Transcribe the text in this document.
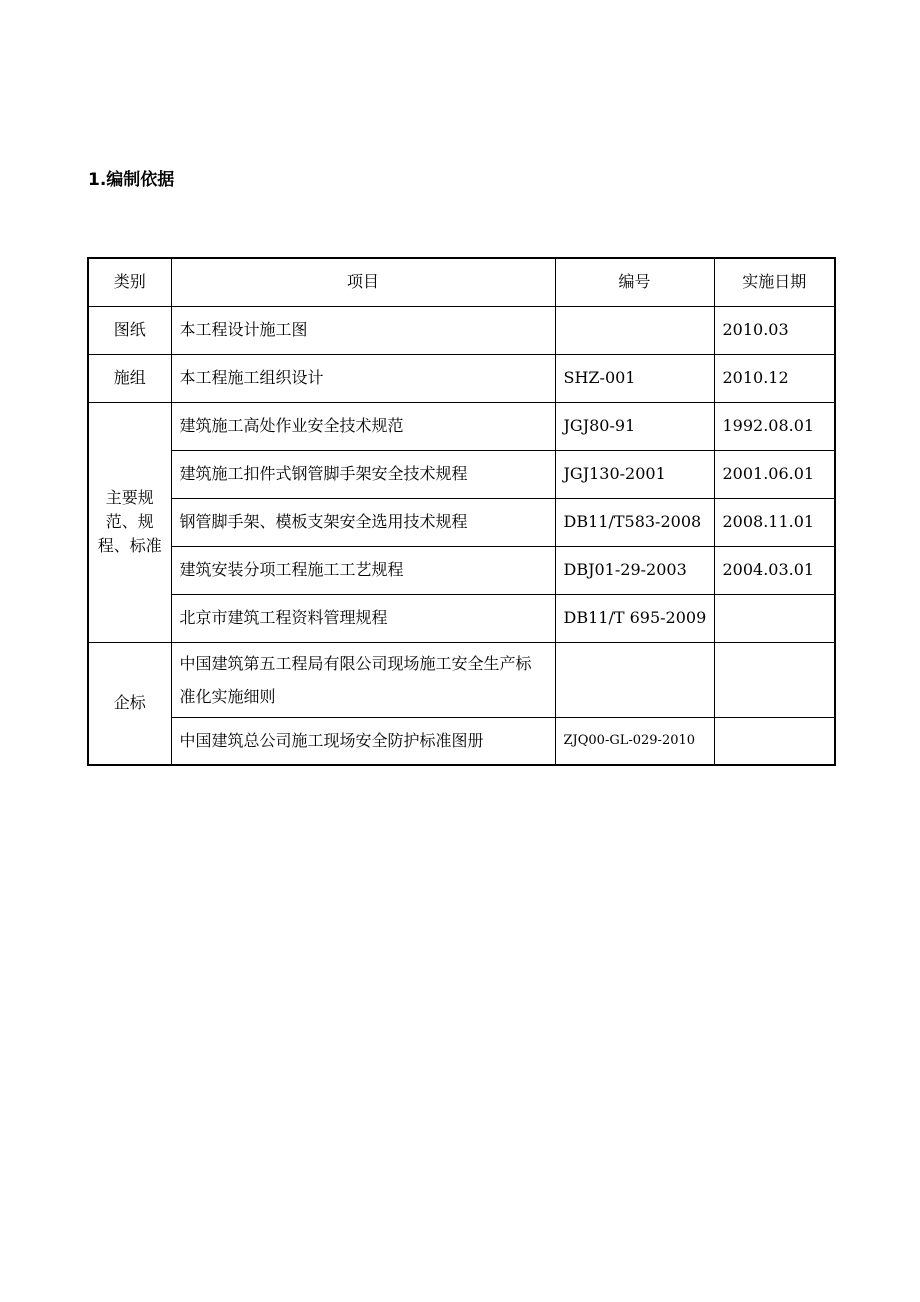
1.编制依据
类别	项目	编号	实施日期
图纸	本工程设计施工图		2010.03
施组	本工程施工组织设计	SHZ-001	2010.12
主要规范、规程、标准	建筑施工高处作业安全技术规范	JGJ80-91	1992.08.01
	建筑施工扣件式钢管脚手架安全技术规程	JGJ130-2001	2001.06.01
	钢管脚手架、模板支架安全选用技术规程	DB11/T583-2008	2008.11.01
	建筑安装分项工程施工工艺规程	DBJ01-29-2003	2004.03.01
	北京市建筑工程资料管理规程	DB11/T 695-2009	
企标	中国建筑第五工程局有限公司现场施工安全生产标准化实施细则		
	中国建筑总公司施工现场安全防护标准图册	ZJQ00-GL-029-2010	
